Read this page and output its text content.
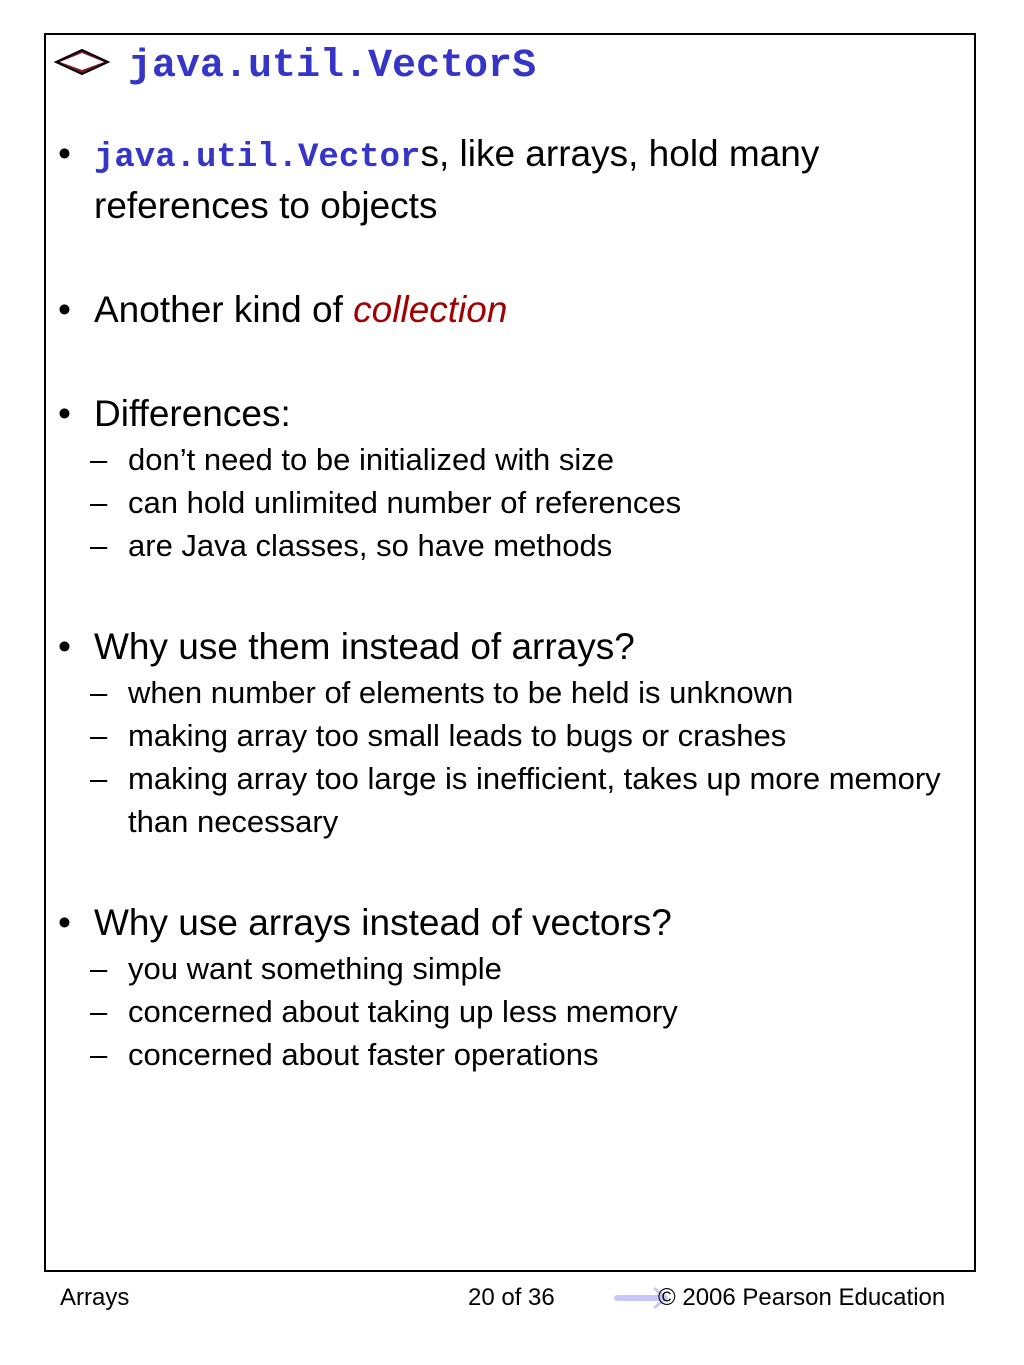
java.util.VectorS
• java.util.Vectors, like arrays, hold many references to objects
• Another kind of collection
• Differences:
– don’t need to be initialized with size
– can hold unlimited number of references
– are Java classes, so have methods
• Why use them instead of arrays?
– when number of elements to be held is unknown
– making array too small leads to bugs or crashes
– making array too large is inefficient, takes up more memory than necessary
• Why use arrays instead of vectors?
– you want something simple
– concerned about taking up less memory
– concerned about faster operations
Arrays	20 of 36	© 2006 Pearson Education
